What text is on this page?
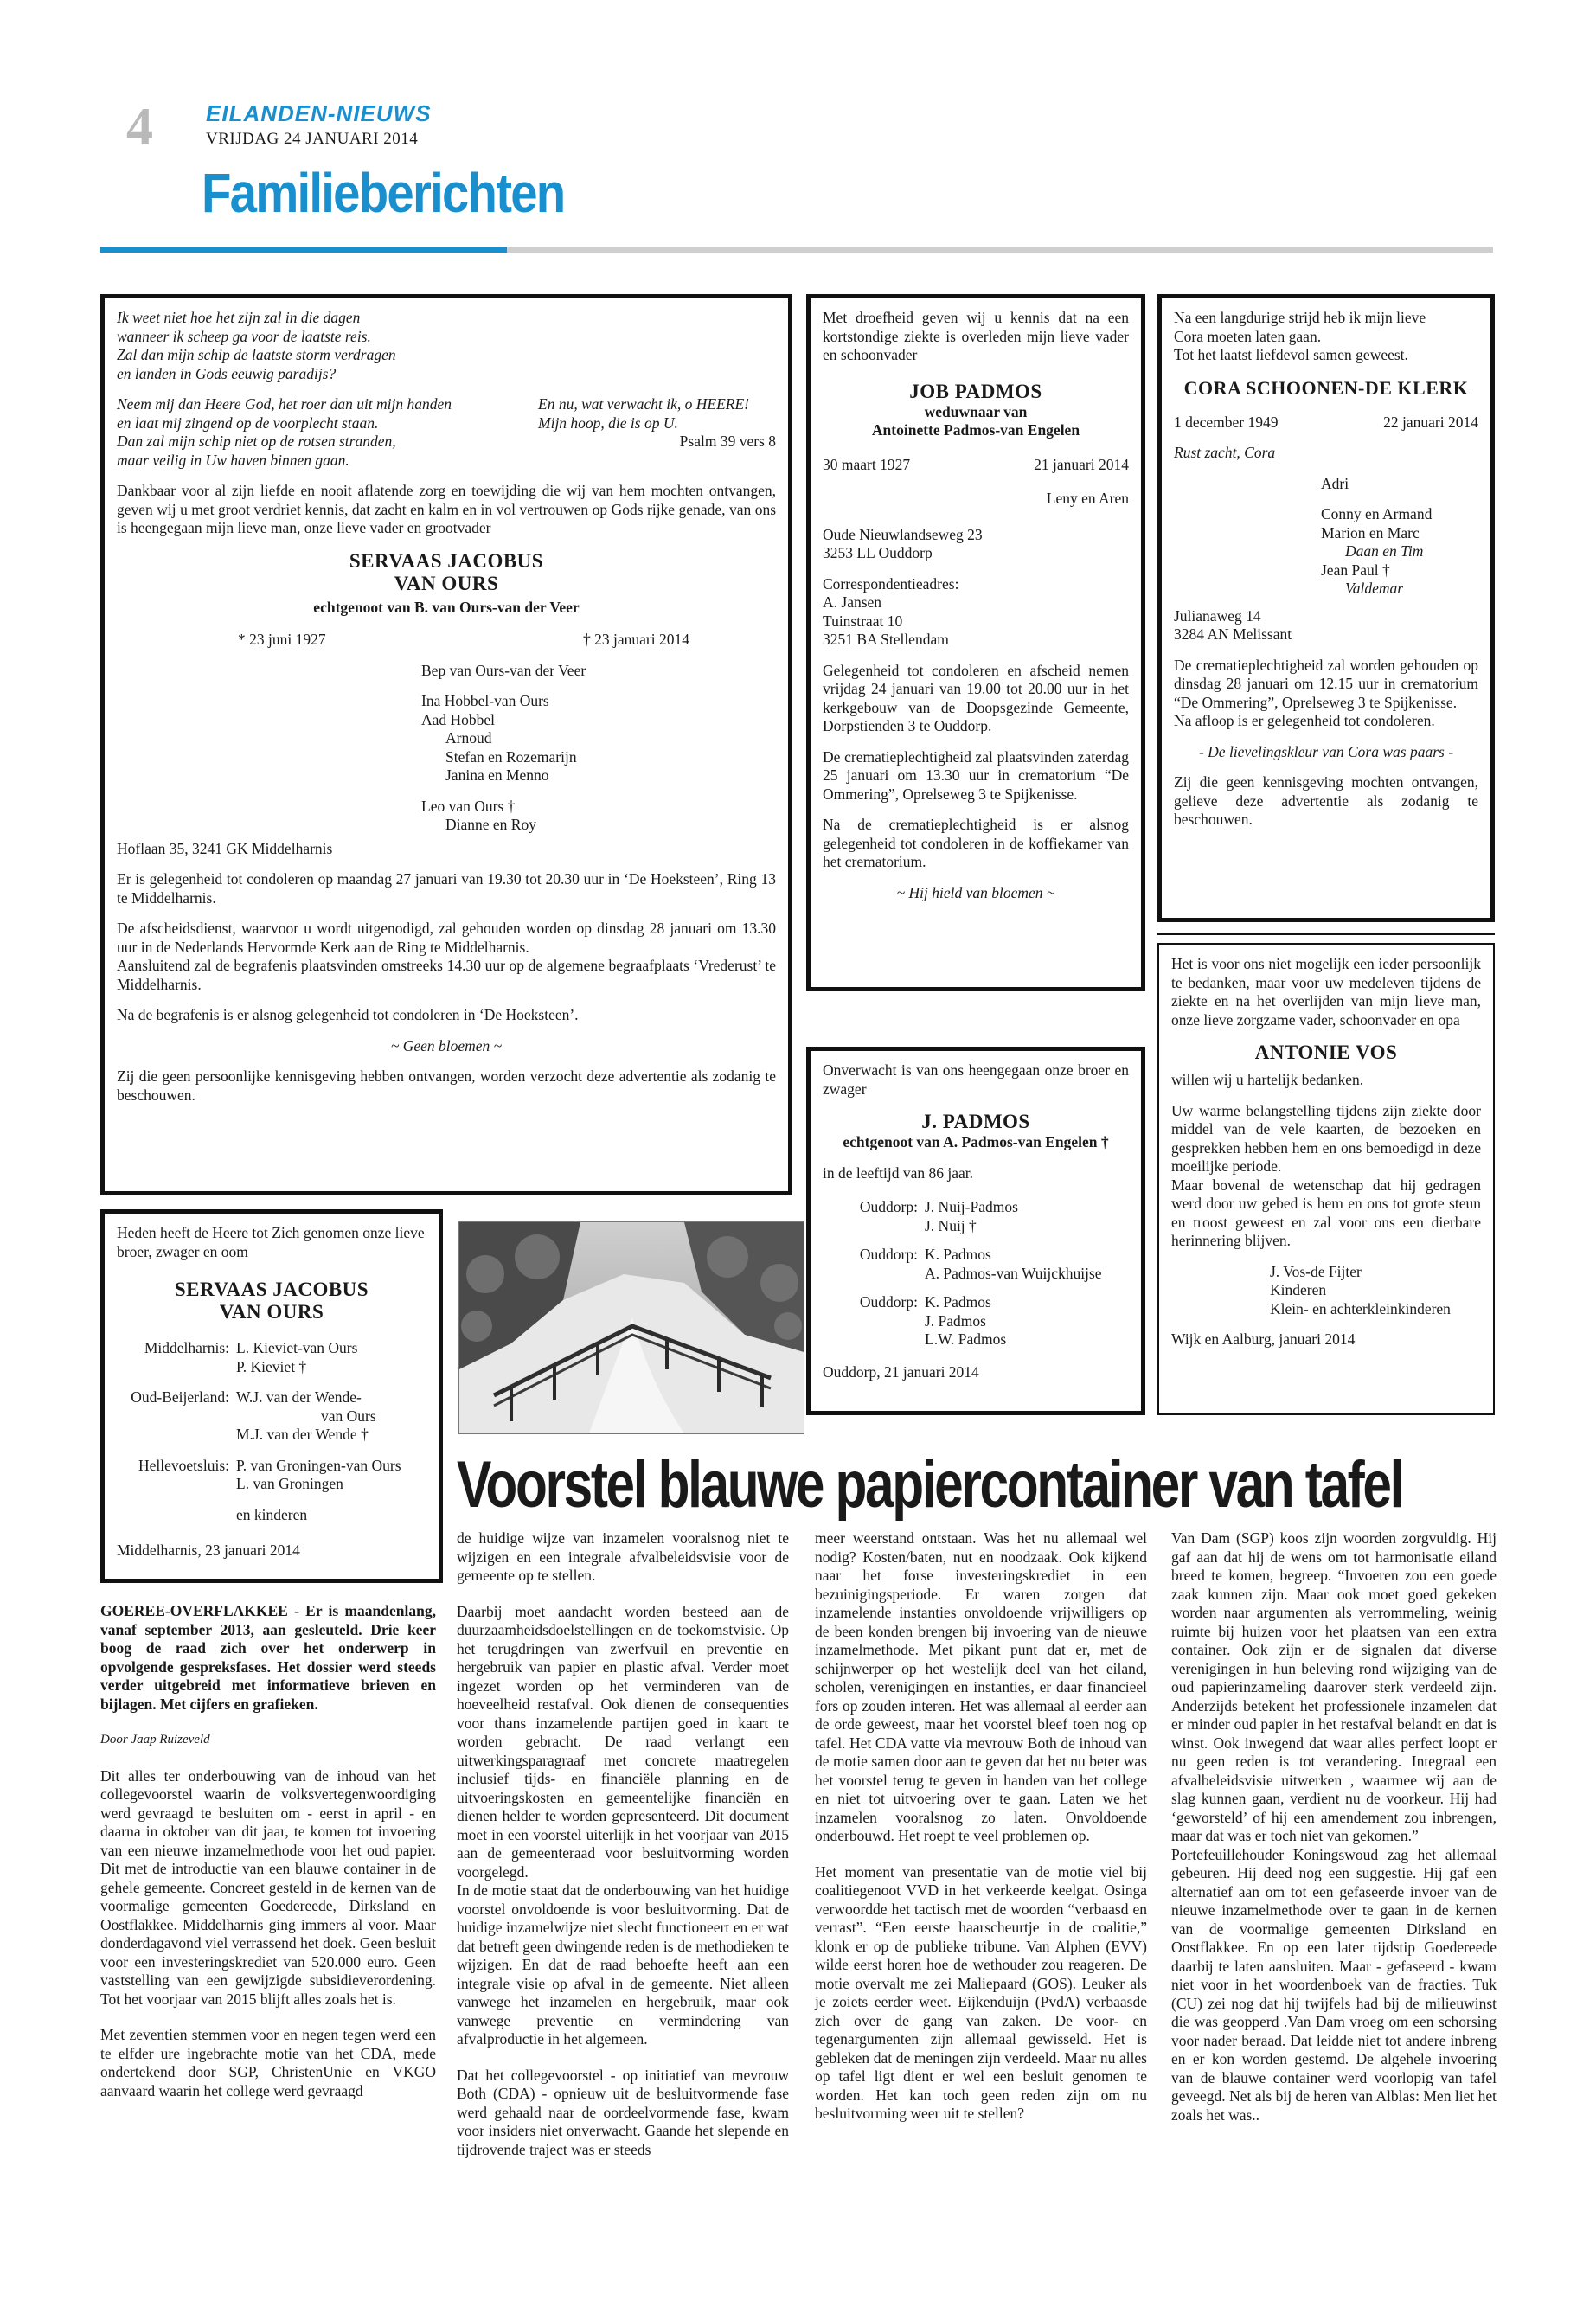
4 EILANDEN-NIEUWS
VRIJDAG 24 JANUARI 2014
Familieberichten

Ik weet niet hoe het zijn zal in die dagen
wanneer ik scheep ga voor de laatste reis.
Zal dan mijn schip de laatste storm verdragen
en landen in Gods eeuwig paradijs?

Neem mij dan Heere God, het roer dan uit mijn handen
en laat mij zingend op de voorplecht staan.
Dan zal mijn schip niet op de rotsen stranden,
maar veilig in Uw haven binnen gaan.
En nu, wat verwacht ik, o HEERE!
Mijn hoop, die is op U.

Psalm 39 vers 8

Dankbaar voor al zijn liefde en nooit aflatende zorg en toewijding die wij van hem mochten ontvangen, geven wij u met groot verdriet kennis, dat zacht en kalm en in vol vertrouwen op Gods rijke genade, van ons is heengegaan mijn lieve man, onze lieve vader en grootvader

SERVAAS JACOBUS
VAN OURS
echtgenoot van B. van Ours-van der Veer
* 23 juni 1927	† 23 januari 2014
Bep van Ours-van der Veer
Ina Hobbel-van Ours
Aad Hobbel
Arnoud
Stefan en Rozemarijn
Janina en Menno
Leo van Ours †
Dianne en Roy

Hoflaan 35, 3241 GK Middelharnis

Er is gelegenheid tot condoleren op maandag 27 januari van 19.30 tot 20.30 uur in ‘De Hoeksteen’, Ring 13 te Middelharnis.

De afscheidsdienst, waarvoor u wordt uitgenodigd, zal gehouden worden op dinsdag 28 januari om 13.30 uur in de Nederlands Hervormde Kerk aan de Ring te Middelharnis.

Aansluitend zal de begrafenis plaatsvinden omstreeks 14.30 uur op de algemene begraafplaats ‘Vrederust’ te Middelharnis.

Na de begrafenis is er alsnog gelegenheid tot condoleren in ‘De Hoeksteen’.

~ Geen bloemen ~

Zij die geen persoonlijke kennisgeving hebben ontvangen, worden verzocht deze advertentie als zodanig te beschouwen.

Heden heeft de Heere tot Zich genomen onze lieve broer, zwager en oom

SERVAAS JACOBUS
VAN OURS
Middelharnis: L. Kieviet-van Ours
P. Kieviet †
Oud-Beijerland: W.J. van der Wende-
van Ours
M.J. van der Wende †
Hellevoetsluis: P. van Groningen-van Ours
L. van Groningen
en kinderen
Middelharnis, 23 januari 2014

Met droefheid geven wij u kennis dat na een kortstondige ziekte is overleden mijn lieve vader en schoonvader

JOB PADMOS
weduwnaar van
Antoinette Padmos-van Engelen
30 maart 1927	21 januari 2014
Leny en Aren

Oude Nieuwlandseweg 23
3253 LL Ouddorp

Correspondentieadres:
A. Jansen
Tuinstraat 10
3251 BA Stellendam

Gelegenheid tot condoleren en afscheid nemen vrijdag 24 januari van 19.00 tot 20.00 uur in het kerkgebouw van de Doopsgezinde Gemeente, Dorpstienden 3 te Ouddorp.

De crematieplechtigheid zal plaatsvinden zaterdag 25 januari om 13.30 uur in crematorium “De Ommering”, Oprelseweg 3 te Spijkenisse.

Na de crematieplechtigheid is er alsnog gelegenheid tot condoleren in de koffiekamer van het crematorium.

~ Hij hield van bloemen ~

Onverwacht is van ons heengegaan onze broer en zwager

J. PADMOS
echtgenoot van A. Padmos-van Engelen †

in de leeftijd van 86 jaar.

Ouddorp: J. Nuij-Padmos
J. Nuij †
Ouddorp: K. Padmos
A. Padmos-van Wuijckhuijse
Ouddorp: K. Padmos
J. Padmos
L.W. Padmos
Ouddorp, 21 januari 2014

Na een langdurige strijd heb ik mijn lieve
Cora moeten laten gaan.
Tot het laatst liefdevol samen geweest.

CORA SCHOONEN-DE KLERK
1 december 1949	22 januari 2014

Rust zacht, Cora

Adri
Conny en Armand
Marion en Marc
Daan en Tim
Jean Paul †
Valdemar

Julianaweg 14
3284 AN Melissant

De crematieplechtigheid zal worden gehouden op dinsdag 28 januari om 12.15 uur in crematorium “De Ommering”, Oprelseweg 3 te Spijkenisse.

Na afloop is er gelegenheid tot condoleren.

- De lievelingskleur van Cora was paars -

Zij die geen kennisgeving mochten ontvangen, gelieve deze advertentie als zodanig te beschouwen.

Het is voor ons niet mogelijk een ieder persoonlijk te bedanken, maar voor uw medeleven tijdens de ziekte en na het overlijden van mijn lieve man, onze lieve zorgzame vader, schoonvader en opa

ANTONIE VOS

willen wij u hartelijk bedanken.

Uw warme belangstelling tijdens zijn ziekte door middel van de vele kaarten, de bezoeken en gesprekken hebben hem en ons bemoedigd in deze moeilijke periode.

Maar bovenal de wetenschap dat hij gedragen werd door uw gebed is hem en ons tot grote steun en troost geweest en zal voor ons een dierbare herinnering blijven.

J. Vos-de Fijter
Kinderen
Klein- en achterkleinkinderen
Wijk en Aalburg, januari 2014
Voorstel blauwe papiercontainer van tafel

GOEREE-OVERFLAKKEE - Er is maandenlang, vanaf september 2013, aan gesleuteld. Drie keer boog de raad zich over het onderwerp in opvolgende gespreksfases. Het dossier werd steeds verder uitgebreid met informatieve brieven en bijlagen. Met cijfers en grafieken.

Door Jaap Ruizeveld

Dit alles ter onderbouwing van de inhoud van het collegevoorstel waarin de volksvertegenwoordiging werd gevraagd te besluiten om - eerst in april - en daarna in oktober van dit jaar, te komen tot invoering van een nieuwe inzamelmethode voor het oud papier. Dit met de introductie van een blauwe container in de gehele gemeente. Concreet gesteld in de kernen van de voormalige gemeenten Goedereede, Dirksland en Oostflakkee. Middelharnis ging immers al voor. Maar donderdagavond viel verrassend het doek. Geen besluit voor een investeringskrediet van 520.000 euro. Geen vaststelling van een gewijzigde subsidieverordening. Tot het voorjaar van 2015 blijft alles zoals het is.

Met zeventien stemmen voor en negen tegen werd een te elfder ure ingebrachte motie van het CDA, mede ondertekend door SGP, ChristenUnie en VKGO aanvaard waarin het college werd gevraagd

de huidige wijze van inzamelen vooralsnog niet te wijzigen en een integrale afvalbeleidsvisie voor de gemeente op te stellen.

Daarbij moet aandacht worden besteed aan de duurzaamheidsdoelstellingen en de toekomstvisie. Op het terugdringen van zwerfvuil en preventie en hergebruik van papier en plastic afval. Verder moet ingezet worden op het verminderen van de hoeveelheid restafval. Ook dienen de consequenties voor thans inzamelende partijen goed in kaart te worden gebracht. De raad verlangt een uitwerkingsparagraaf met concrete maatregelen inclusief tijds- en financiële planning en de uitvoeringskosten en gemeentelijke financiën en dienen helder te worden gepresenteerd. Dit document moet in een voorstel uiterlijk in het voorjaar van 2015 aan de gemeenteraad voor besluitvorming worden voorgelegd.

In de motie staat dat de onderbouwing van het huidige voorstel onvoldoende is voor besluitvorming. Dat de huidige inzamelwijze niet slecht functioneert en er wat dat betreft geen dwingende reden is de methodieken te wijzigen. En dat de raad behoefte heeft aan een integrale visie op afval in de gemeente. Niet alleen vanwege het inzamelen en hergebruik, maar ook vanwege preventie en vermindering van afvalproductie in het algemeen.

Dat het collegevoorstel - op initiatief van mevrouw Both (CDA) - opnieuw uit de besluitvormende fase werd gehaald naar de oordeelvormende fase, kwam voor insiders niet onverwacht. Gaande het slepende en tijdrovende traject was er steeds

meer weerstand ontstaan. Was het nu allemaal wel nodig? Kosten/baten, nut en noodzaak. Ook kijkend naar het forse investeringskrediet in een bezuinigingsperiode. Er waren zorgen dat inzamelende instanties onvoldoende vrijwilligers op de been konden brengen bij invoering van de nieuwe inzamelmethode. Met pikant punt dat er, met de schijnwerper op het westelijk deel van het eiland, scholen, verenigingen en instanties, er daar financieel fors op zouden interen. Het was allemaal al eerder aan de orde geweest, maar het voorstel bleef toen nog op tafel. Het CDA vatte via mevrouw Both de inhoud van de motie samen door aan te geven dat het nu beter was het voorstel terug te geven in handen van het college en niet tot uitvoering over te gaan. Laten we het inzamelen vooralsnog zo laten. Onvoldoende onderbouwd. Het roept te veel problemen op.

Het moment van presentatie van de motie viel bij coalitiegenoot VVD in het verkeerde keelgat. Osinga verwoordde het tactisch met de woorden “verbaasd en verrast”. “Een eerste haarscheurtje in de coalitie,” klonk er op de publieke tribune. Van Alphen (EVV) wilde eerst horen hoe de wethouder zou reageren. De motie overvalt me zei Maliepaard (GOS). Leuker als je zoiets eerder weet. Eijkenduijn (PvdA) verbaasde zich over de gang van zaken. De voor- en tegenargumenten zijn allemaal gewisseld. Het is gebleken dat de meningen zijn verdeeld. Maar nu alles op tafel ligt dient er wel een besluit genomen te worden. Het kan toch geen reden zijn om nu besluitvorming weer uit te stellen?

Van Dam (SGP) koos zijn woorden zorgvuldig. Hij gaf aan dat hij de wens om tot harmonisatie eiland breed te komen, begreep. “Invoeren zou een goede zaak kunnen zijn. Maar ook moet goed gekeken worden naar argumenten als verrommeling, weinig ruimte bij huizen voor het plaatsen van een extra container. Ook zijn er de signalen dat diverse verenigingen in hun beleving rond wijziging van de oud papierinzameling daarover sterk verdeeld zijn. Anderzijds betekent het professionele inzamelen dat er minder oud papier in het restafval belandt en dat is winst. Ook inwegend dat waar alles perfect loopt er nu geen reden is tot verandering. Integraal een afvalbeleidsvisie uitwerken , waarmee wij aan de slag kunnen gaan, verdient nu de voorkeur. Hij had ‘geworsteld’ of hij een amendement zou inbrengen, maar dat was er toch niet van gekomen.”

Portefeuillehouder Koningswoud zag het allemaal gebeuren. Hij deed nog een suggestie. Hij gaf een alternatief aan om tot een gefaseerde invoer van de nieuwe inzamelmethode over te gaan in de kernen van de voormalige gemeenten Dirksland en Oostflakkee. En op een later tijdstip Goedereede daarbij te laten aansluiten. Maar - gefaseerd - kwam niet voor in het woordenboek van de fracties. Tuk (CU) zei nog dat hij twijfels had bij de milieuwinst die was geopperd .Van Dam vroeg om een schorsing voor nader beraad. Dat leidde niet tot andere inbreng en er kon worden gestemd. De algehele invoering van de blauwe container werd voorlopig van tafel geveegd. Net als bij de heren van Alblas: Men liet het zoals het was..
